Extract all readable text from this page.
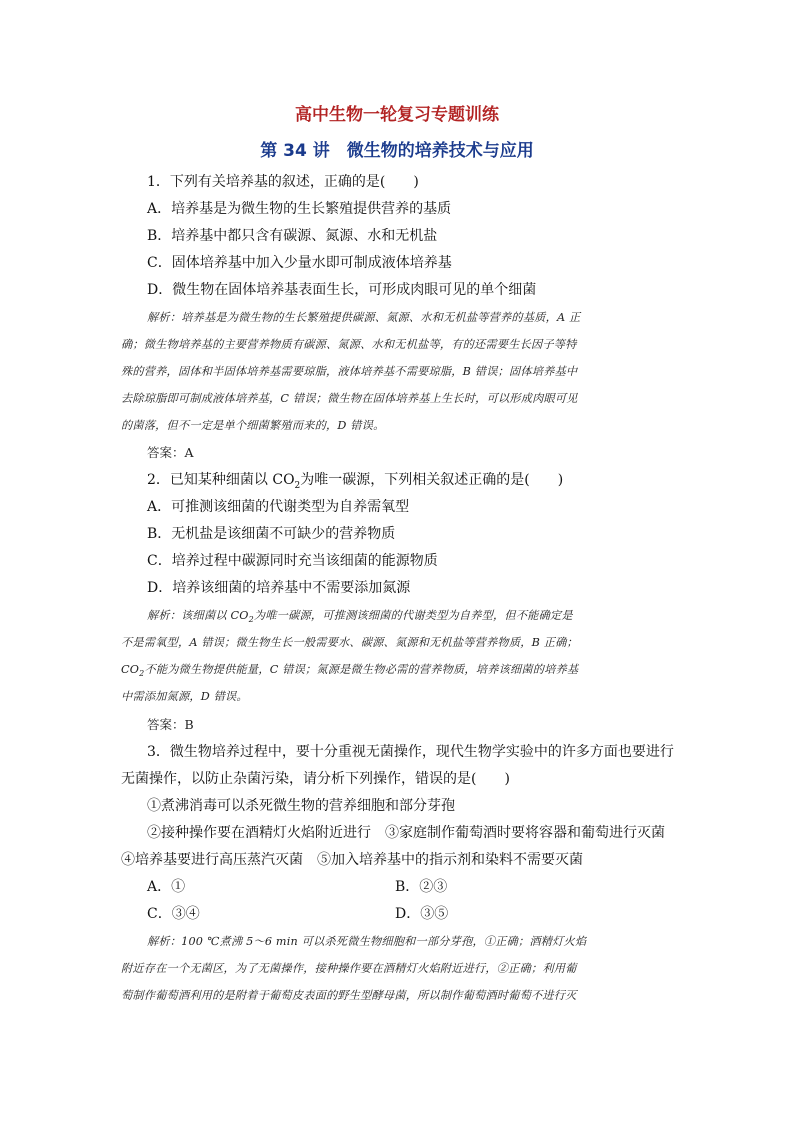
高中生物一轮复习专题训练
第 34 讲　微生物的培养技术与应用
1．下列有关培养基的叙述，正确的是(　　)
A．培养基是为微生物的生长繁殖提供营养的基质
B．培养基中都只含有碳源、氮源、水和无机盐
C．固体培养基中加入少量水即可制成液体培养基
D．微生物在固体培养基表面生长，可形成肉眼可见的单个细菌
解析：培养基是为微生物的生长繁殖提供碳源、氮源、水和无机盐等营养的基质，A 正
确；微生物培养基的主要营养物质有碳源、氮源、水和无机盐等，有的还需要生长因子等特
殊的营养，固体和半固体培养基需要琼脂，液体培养基不需要琼脂，B 错误；固体培养基中
去除琼脂即可制成液体培养基，C 错误；微生物在固体培养基上生长时，可以形成肉眼可见
的菌落，但不一定是单个细菌繁殖而来的，D 错误。
答案：A
2．已知某种细菌以 $CO_2$为唯一碳源，下列相关叙述正确的是(　　)
A．可推测该细菌的代谢类型为自养需氧型
B．无机盐是该细菌不可缺少的营养物质
C．培养过程中碳源同时充当该细菌的能源物质
D．培养该细菌的培养基中不需要添加氮源
解析：该细菌以 $CO_2$为唯一碳源，可推测该细菌的代谢类型为自养型，但不能确定是
不是需氧型，A 错误；微生物生长一般需要水、碳源、氮源和无机盐等营养物质，B 正确；
$CO_2$不能为微生物提供能量，C 错误；氮源是微生物必需的营养物质，培养该细菌的培养基
中需添加氮源，D 错误。
答案：B
3．微生物培养过程中，要十分重视无菌操作，现代生物学实验中的许多方面也要进行
无菌操作，以防止杂菌污染，请分析下列操作，错误的是(　　)
①煮沸消毒可以杀死微生物的营养细胞和部分芽孢
②接种操作要在酒精灯火焰附近进行　③家庭制作葡萄酒时要将容器和葡萄进行灭菌
④培养基要进行高压蒸汽灭菌　⑤加入培养基中的指示剂和染料不需要灭菌
A．①	B．②③
C．③④	D．③⑤
解析：100 ℃煮沸 5～6 min 可以杀死微生物细胞和一部分芽孢，①正确；酒精灯火焰
附近存在一个无菌区，为了无菌操作，接种操作要在酒精灯火焰附近进行，②正确；利用葡
萄制作葡萄酒利用的是附着于葡萄皮表面的野生型酵母菌，所以制作葡萄酒时葡萄不进行灭
